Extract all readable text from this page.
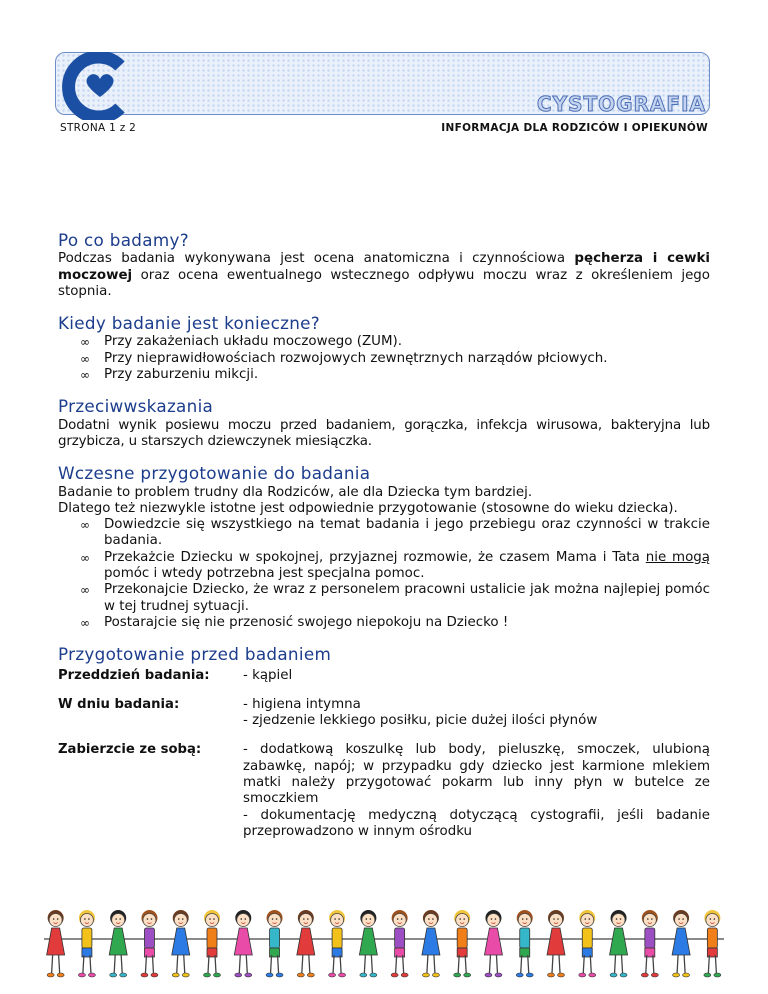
CYSTOGRAFIA
STRONA 1 z 2	INFORMACJA DLA RODZICÓW I OPIEKUNÓW
Po co badamy?

Podczas badania wykonywana jest ocena anatomiczna i czynnościowa pęcherza i cewki moczowej oraz ocena ewentualnego wstecznego odpływu moczu wraz z określeniem jego stopnia.

Kiedy badanie jest konieczne?
∞ Przy zakażeniach układu moczowego (ZUM).
∞ Przy nieprawidłowościach rozwojowych zewnętrznych narządów płciowych.
∞ Przy zaburzeniu mikcji.
Przeciwwskazania

Dodatni wynik posiewu moczu przed badaniem, gorączka, infekcja wirusowa, bakteryjna lub grzybicza, u starszych dziewczynek miesiączka.

Wczesne przygotowanie do badania

Badanie to problem trudny dla Rodziców, ale dla Dziecka tym bardziej.

Dlatego też niezwykle istotne jest odpowiednie przygotowanie (stosowne do wieku dziecka).

∞ Dowiedzcie się wszystkiego na temat badania i jego przebiegu oraz czynności w trakcie badania.
∞ Przekażcie Dziecku w spokojnej, przyjaznej rozmowie, że czasem Mama i Tata nie mogą pomóc i wtedy potrzebna jest specjalna pomoc.
∞ Przekonajcie Dziecko, że wraz z personelem pracowni ustalicie jak można najlepiej pomóc w tej trudnej sytuacji.
∞ Postarajcie się nie przenosić swojego niepokoju na Dziecko !
Przygotowanie przed badaniem
Przeddzień badania:	- kąpiel
W dniu badania:	- higiena intymna
- zjedzenie lekkiego posiłku, picie dużej ilości płynów
Zabierzcie ze sobą:	- dodatkową koszulkę lub body, pieluszkę, smoczek, ulubioną zabawkę, napój; w przypadku gdy dziecko jest karmione mlekiem matki należy przygotować pokarm lub inny płyn w butelce ze smoczkiem
- dokumentację medyczną dotyczącą cystografii, jeśli badanie przeprowadzono w innym ośrodku
